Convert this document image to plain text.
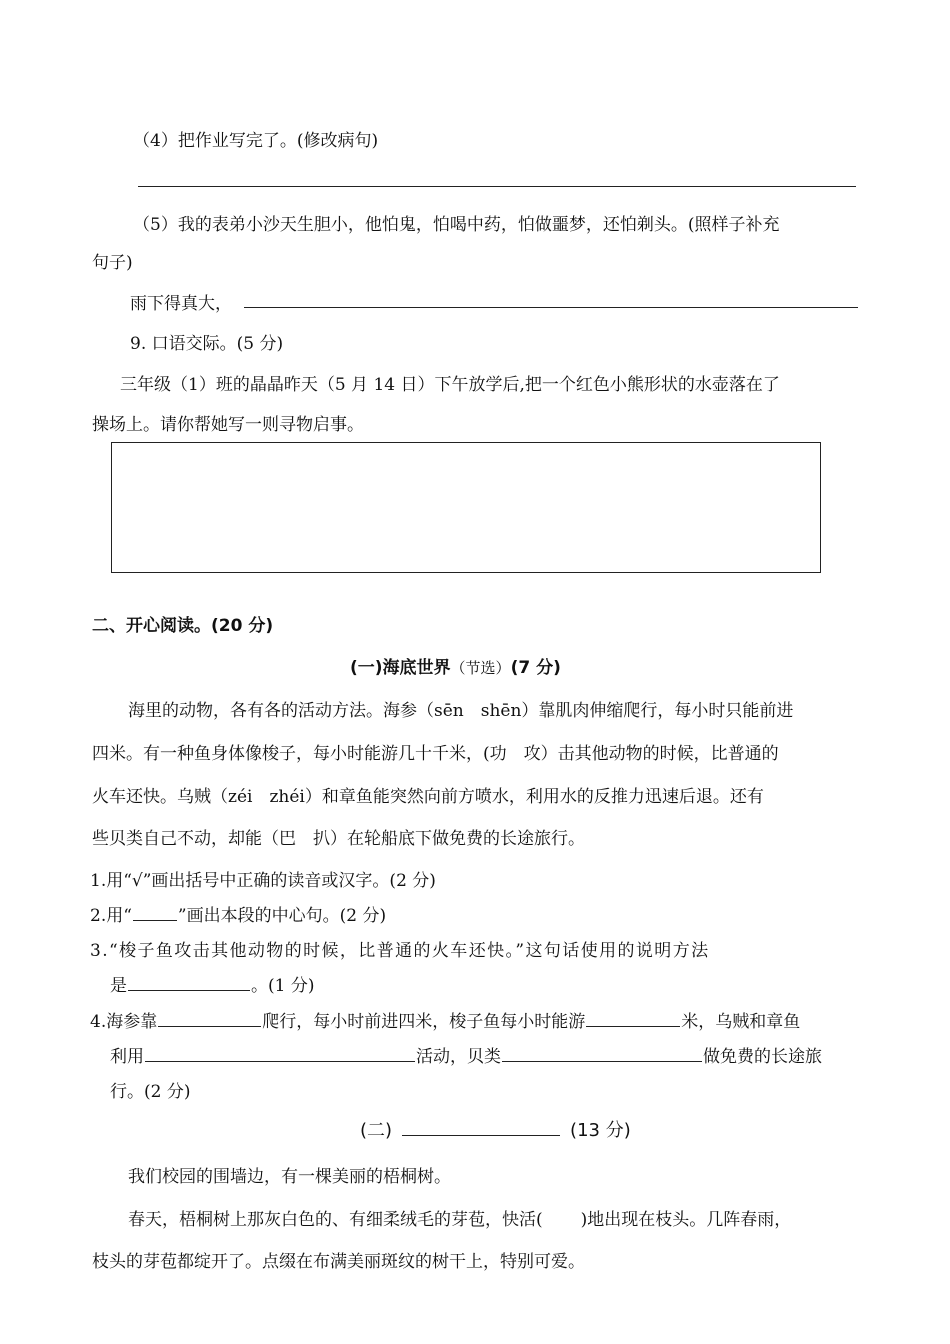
（4）把作业写完了。(修改病句)
（5）我的表弟小沙天生胆小，他怕鬼，怕喝中药，怕做噩梦，还怕剃头。(照样子补充
句子)
雨下得真大，
9. 口语交际。(5 分)
三年级（1）班的晶晶昨天（5 月 14 日）下午放学后,把一个红色小熊形状的水壶落在了
操场上。请你帮她写一则寻物启事。
二、开心阅读。(20 分)
(一)海底世界（节选）(7 分)
海里的动物，各有各的活动方法。海参（sēn　shēn）靠肌肉伸缩爬行，每小时只能前进
四米。有一种鱼身体像梭子，每小时能游几十千米，(功　攻）击其他动物的时候，比普通的
火车还快。乌贼（zéi　zhéi）和章鱼能突然向前方喷水，利用水的反推力迅速后退。还有
些贝类自己不动，却能（巴　扒）在轮船底下做免费的长途旅行。
1.用“√”画出括号中正确的读音或汉字。(2 分)
2.用“	”画出本段的中心句。(2 分)
3.“梭子鱼攻击其他动物的时候，比普通的火车还快。”这句话使用的说明方法
是	。(1 分)
4.海参靠	爬行，每小时前进四米，梭子鱼每小时能游	米，乌贼和章鱼
利用	活动，贝类	做免费的长途旅
行。(2 分)
(二)	(13 分)
我们校园的围墙边，有一棵美丽的梧桐树。
春天，梧桐树上那灰白色的、有细柔绒毛的芽苞，快活( )地出现在枝头。几阵春雨，
枝头的芽苞都绽开了。点缀在布满美丽斑纹的树干上，特别可爱。
